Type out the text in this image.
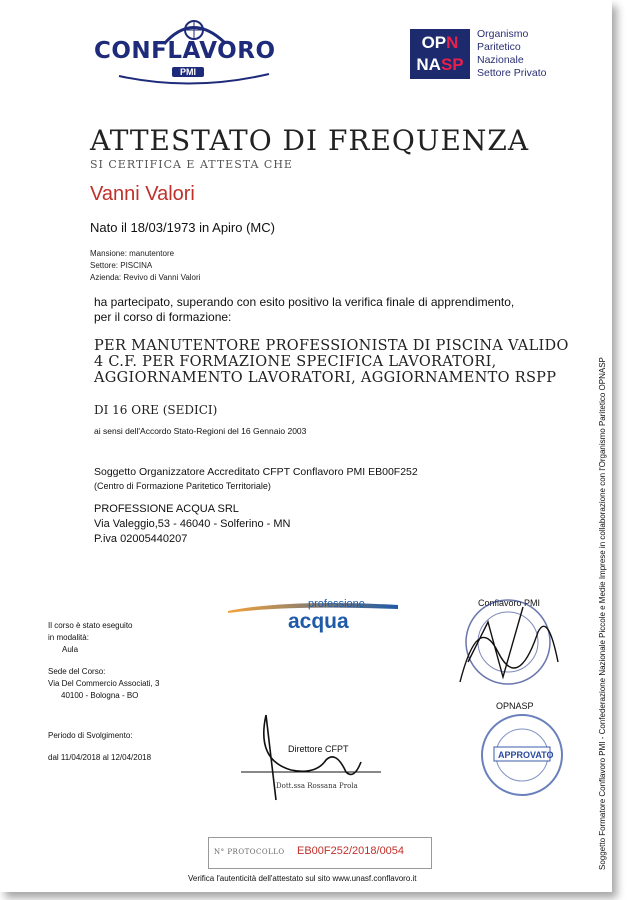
CONFLAVORO
PMI
OPN
NASP
Organismo
Paritetico
Nazionale
Settore Privato
ATTESTATO DI FREQUENZA
SI CERTIFICA E ATTESTA CHE
Vanni Valori
Nato il 18/03/1973 in Apiro (MC)
Mansione: manutentore
Settore: PISCINA
Azienda: Revivo di Vanni Valori
ha partecipato, superando con esito positivo la verifica finale di apprendimento,
per il corso di formazione:
PER MANUTENTORE PROFESSIONISTA DI PISCINA VALIDO
4 C.F. PER FORMAZIONE SPECIFICA LAVORATORI,
AGGIORNAMENTO LAVORATORI, AGGIORNAMENTO RSPP
DI 16 ORE (SEDICI)
ai sensi dell'Accordo Stato-Regioni del 16 Gennaio 2003
Soggetto Organizzatore Accreditato CFPT Conflavoro PMI EB00F252
(Centro di Formazione Paritetico Territoriale)
PROFESSIONE ACQUA SRL
Via Valeggio,53 - 46040 - Solferino - MN
P.iva 02005440207
Il corso è stato eseguito
in modalità:
Aula
Sede del Corso:
Via Del Commercio Associati, 3
40100 - Bologna - BO
Periodo di Svolgimento:
dal 11/04/2018 al 12/04/2018
professione
acqua
Conflavoro PMI
OPNASP
APPROVATO
Direttore CFPT
Dott.ssa Rossana Prola
N° PROTOCOLLO EB00F252/2018/0054
Verifica l'autenticità dell'attestato sul sito www.unasf.conflavoro.it
Soggetto Formatore Conflavoro PMI - Confederazione Nazionale Piccole e Medie Imprese in collaborazione con l'Organismo Paritetico OPNASP
